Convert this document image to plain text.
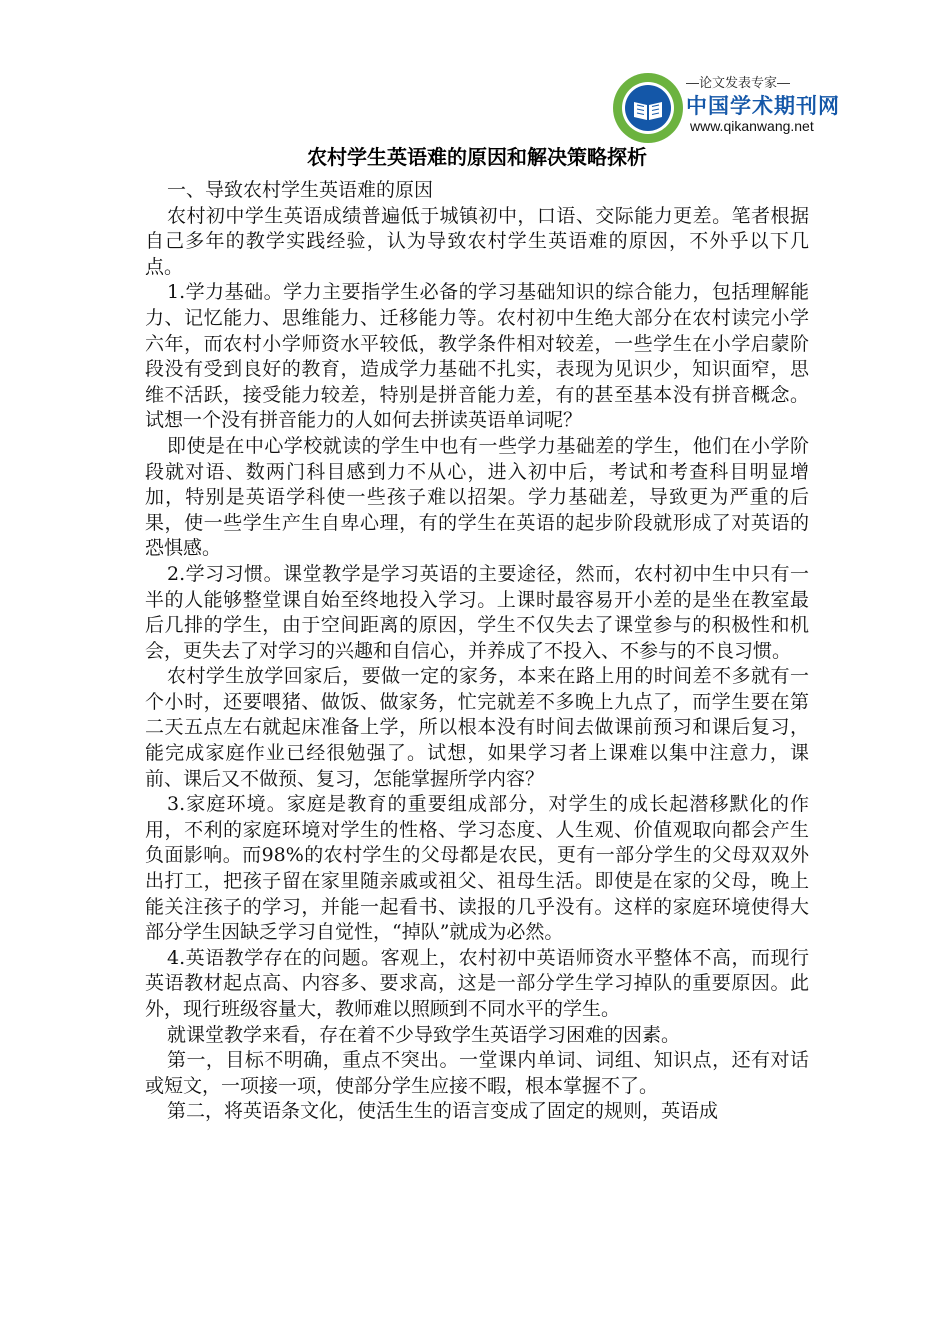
—论文发表专家—
中国学术期刊网
www.qikanwang.net
农村学生英语难的原因和解决策略探析

一、导致农村学生英语难的原因

农村初中学生英语成绩普遍低于城镇初中，口语、交际能力更差。笔者根据自己多年的教学实践经验，认为导致农村学生英语难的原因，不外乎以下几点。

1.学力基础。学力主要指学生必备的学习基础知识的综合能力，包括理解能力、记忆能力、思维能力、迁移能力等。农村初中生绝大部分在农村读完小学六年，而农村小学师资水平较低，教学条件相对较差，一些学生在小学启蒙阶段没有受到良好的教育，造成学力基础不扎实，表现为见识少，知识面窄，思维不活跃，接受能力较差，特别是拼音能力差，有的甚至基本没有拼音概念。试想一个没有拼音能力的人如何去拼读英语单词呢？

即使是在中心学校就读的学生中也有一些学力基础差的学生，他们在小学阶段就对语、数两门科目感到力不从心，进入初中后，考试和考查科目明显增加，特别是英语学科使一些孩子难以招架。学力基础差，导致更为严重的后果，使一些学生产生自卑心理，有的学生在英语的起步阶段就形成了对英语的恐惧感。

2.学习习惯。课堂教学是学习英语的主要途径，然而，农村初中生中只有一半的人能够整堂课自始至终地投入学习。上课时最容易开小差的是坐在教室最后几排的学生，由于空间距离的原因，学生不仅失去了课堂参与的积极性和机会，更失去了对学习的兴趣和自信心，并养成了不投入、不参与的不良习惯。

农村学生放学回家后，要做一定的家务，本来在路上用的时间差不多就有一个小时，还要喂猪、做饭、做家务，忙完就差不多晚上九点了，而学生要在第二天五点左右就起床准备上学，所以根本没有时间去做课前预习和课后复习，能完成家庭作业已经很勉强了。试想，如果学习者上课难以集中注意力，课前、课后又不做预、复习，怎能掌握所学内容？

3.家庭环境。家庭是教育的重要组成部分，对学生的成长起潜移默化的作用，不利的家庭环境对学生的性格、学习态度、人生观、价值观取向都会产生负面影响。而98%的农村学生的父母都是农民，更有一部分学生的父母双双外出打工，把孩子留在家里随亲戚或祖父、祖母生活。即使是在家的父母，晚上能关注孩子的学习，并能一起看书、读报的几乎没有。这样的家庭环境使得大部分学生因缺乏学习自觉性，“掉队”就成为必然。

4.英语教学存在的问题。客观上，农村初中英语师资水平整体不高，而现行英语教材起点高、内容多、要求高，这是一部分学生学习掉队的重要原因。此外，现行班级容量大，教师难以照顾到不同水平的学生。

就课堂教学来看，存在着不少导致学生英语学习困难的因素。

第一，目标不明确，重点不突出。一堂课内单词、词组、知识点，还有对话或短文，一项接一项，使部分学生应接不暇，根本掌握不了。

第二，将英语条文化，使活生生的语言变成了固定的规则，英语成
